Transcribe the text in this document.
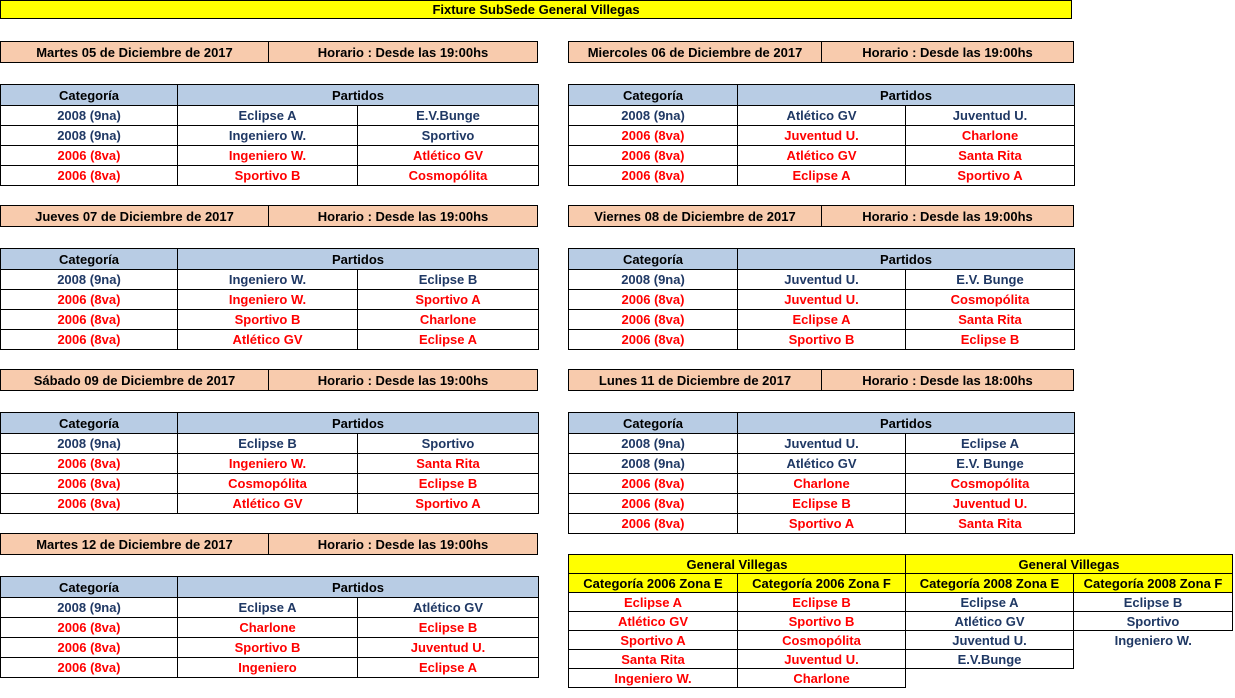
Fixture SubSede General Villegas
Martes 05 de Diciembre de 2017	Horario : Desde las 19:00hs
Categoría	Partidos	
2008 (9na)	Eclipse A	E.V.Bunge
2008 (9na)	Ingeniero W.	Sportivo
2006 (8va)	Ingeniero W.	Atlético GV
2006 (8va)	Sportivo B	Cosmopólita
Miercoles 06 de Diciembre de 2017	Horario : Desde las 19:00hs
Categoría	Partidos	
2008 (9na)	Atlético GV	Juventud U.
2006 (8va)	Juventud U.	Charlone
2006 (8va)	Atlético GV	Santa Rita
2006 (8va)	Eclipse A	Sportivo A
Jueves 07 de Diciembre de 2017	Horario : Desde las 19:00hs
Categoría	Partidos	
2008 (9na)	Ingeniero W.	Eclipse B
2006 (8va)	Ingeniero W.	Sportivo A
2006 (8va)	Sportivo B	Charlone
2006 (8va)	Atlético GV	Eclipse A
Viernes 08 de Diciembre de 2017	Horario : Desde las 19:00hs
Categoría	Partidos	
2008 (9na)	Juventud U.	E.V. Bunge
2006 (8va)	Juventud U.	Cosmopólita
2006 (8va)	Eclipse A	Santa Rita
2006 (8va)	Sportivo B	Eclipse B
Sábado 09 de Diciembre de 2017	Horario : Desde las 19:00hs
Categoría	Partidos	
2008 (9na)	Eclipse B	Sportivo
2006 (8va)	Ingeniero W.	Santa Rita
2006 (8va)	Cosmopólita	Eclipse B
2006 (8va)	Atlético GV	Sportivo A
Lunes 11 de Diciembre de 2017	Horario : Desde las 18:00hs
Categoría	Partidos	
2008 (9na)	Juventud U.	Eclipse A
2008 (9na)	Atlético GV	E.V. Bunge
2006 (8va)	Charlone	Cosmopólita
2006 (8va)	Eclipse B	Juventud U.
2006 (8va)	Sportivo A	Santa Rita
Martes 12 de Diciembre de 2017	Horario : Desde las 19:00hs
Categoría	Partidos	
2008 (9na)	Eclipse A	Atlético GV
2006 (8va)	Charlone	Eclipse B
2006 (8va)	Sportivo B	Juventud U.
2006 (8va)	Ingeniero	Eclipse A
General Villegas		General Villegas	
Categoría 2006 Zona E	Categoría 2006 Zona F	Categoría 2008 Zona E	Categoría 2008 Zona F
Eclipse A	Eclipse B	Eclipse A	Eclipse B
Atlético GV	Sportivo B	Atlético GV	Sportivo
Sportivo A	Cosmopólita	Juventud U.	Ingeniero W.
Santa Rita	Juventud U.	E.V.Bunge	
Ingeniero W.	Charlone		
